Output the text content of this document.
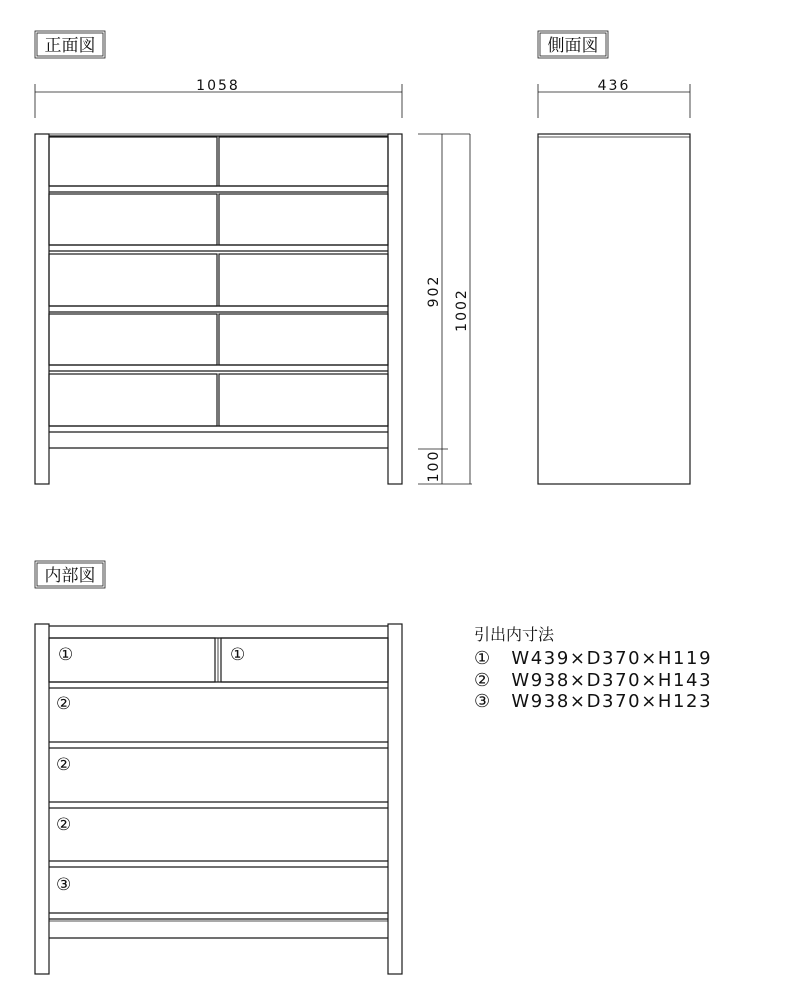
正面図	側面図
内部図
1058
902 1002
100
436
①	①
②
②
②
③
引出内寸法
①　W439×D370×H119
②　W938×D370×H143
③　W938×D370×H123
